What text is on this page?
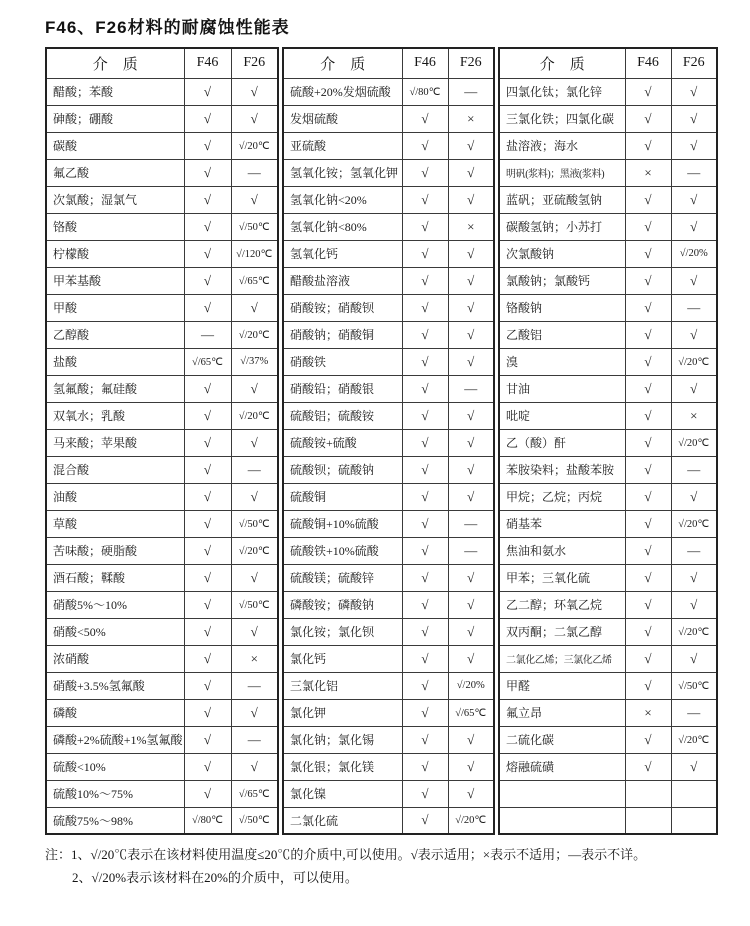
F46、F26材料的耐腐蚀性能表
介　质	F46	F26
醋酸；苯酸	√	√
砷酸；硼酸	√	√
碳酸	√	√/20℃
氟乙酸	√	—
次氯酸；湿氯气	√	√
铬酸	√	√/50℃
柠檬酸	√	√/120℃
甲苯基酸	√	√/65℃
甲酸	√	√
乙醇酸	—	√/20℃
盐酸	√/65℃	√/37%
氢氟酸；氟硅酸	√	√
双氧水；乳酸	√	√/20℃
马来酸；苹果酸	√	√
混合酸	√	—
油酸	√	√
草酸	√	√/50℃
苦味酸；硬脂酸	√	√/20℃
酒石酸；鞣酸	√	√
硝酸5%～10%	√	√/50℃
硝酸<50%	√	√
浓硝酸	√	×
硝酸+3.5%氢氟酸	√	—
磷酸	√	√
磷酸+2%硫酸+1%氢氟酸	√	—
硫酸<10%	√	√
硫酸10%～75%	√	√/65℃
硫酸75%～98%	√/80℃	√/50℃
介　质	F46	F26
硫酸+20%发烟硫酸	√/80℃	—
发烟硫酸	√	×
亚硫酸	√	√
氢氧化铵；氢氧化钾	√	√
氢氧化钠<20%	√	√
氢氧化钠<80%	√	×
氢氧化钙	√	√
醋酸盐溶液	√	√
硝酸铵；硝酸钡	√	√
硝酸钠；硝酸铜	√	√
硝酸铁	√	√
硝酸铅；硝酸银	√	—
硫酸铝；硫酸铵	√	√
硫酸铵+硫酸	√	√
硫酸钡；硫酸钠	√	√
硫酸铜	√	√
硫酸铜+10%硫酸	√	—
硫酸铁+10%硫酸	√	—
硫酸镁；硫酸锌	√	√
磷酸铵；磷酸钠	√	√
氯化铵；氯化钡	√	√
氯化钙	√	√
三氯化铝	√	√/20%
氯化钾	√	√/65℃
氯化钠；氯化锡	√	√
氯化银；氯化镁	√	√
氯化镍	√	√
二氯化硫	√	√/20℃
介　质	F46	F26
四氯化钛；氯化锌	√	√
三氯化铁；四氯化碳	√	√
盐溶液；海水	√	√
明矾(浆料)；黑液(浆料)	×	—
蓝矾；亚硫酸氢钠	√	√
碳酸氢钠；小苏打	√	√
次氯酸钠	√	√/20%
氯酸钠；氯酸钙	√	√
铬酸钠	√	—
乙酸铝	√	√
溴	√	√/20℃
甘油	√	√
吡啶	√	×
乙（酸）酐	√	√/20℃
苯胺染料；盐酸苯胺	√	—
甲烷；乙烷；丙烷	√	√
硝基苯	√	√/20℃
焦油和氨水	√	—
甲苯；三氧化硫	√	√
乙二醇；环氧乙烷	√	√
双丙酮；二氯乙醇	√	√/20℃
二氯化乙烯；三氯化乙烯	√	√
甲醛	√	√/50℃
氟立昂	×	—
二硫化碳	√	√/20℃
熔融硫磺	√	√

注：1、√/20℃表示在该材料使用温度≤20℃的介质中,可以使用。√表示适用；×表示不适用；—表示不详。
2、√/20%表示该材料在20%的介质中，可以使用。
